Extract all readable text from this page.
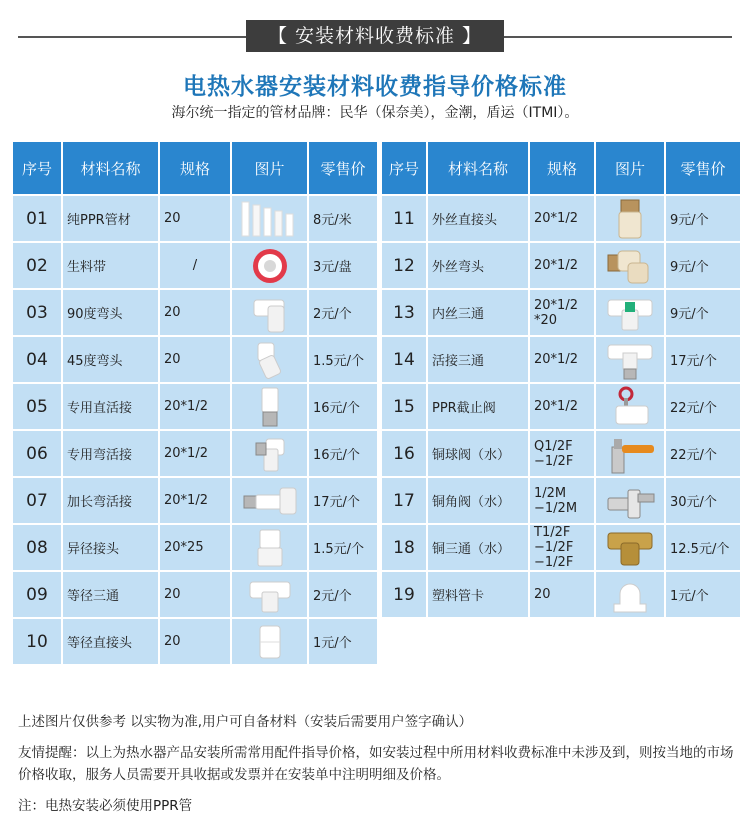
【 安装材料收费标准 】
电热水器安装材料收费指导价格标准
海尔统一指定的管材品牌：民华（保奈美），金潮，盾运（ITMI）。
序号	材料名称	规格	图片	零售价
01	纯PPR管材	20		8元/米
02	生料带	/		3元/盘
03	90度弯头	20		2元/个
04	45度弯头	20		1.5元/个
05	专用直活接	20*1/2		16元/个
06	专用弯活接	20*1/2		16元/个
07	加长弯活接	20*1/2		17元/个
08	异径接头	20*25		1.5元/个
09	等径三通	20		2元/个
10	等径直接头	20		1元/个
序号	材料名称	规格	图片	零售价
11	外丝直接头	20*1/2		9元/个
12	外丝弯头	20*1/2		9元/个
13	内丝三通	20*1/2 *20		9元/个
14	活接三通	20*1/2		17元/个
15	PPR截止阀	20*1/2		22元/个
16	铜球阀（水）	Q1/2F −1/2F		22元/个
17	铜角阀（水）	1/2M −1/2M		30元/个
18	铜三通（水）	T1/2F −1/2F −1/2F		12.5元/个
19	塑料管卡	20		1元/个
上述图片仅供参考 以实物为准,用户可自备材料（安装后需要用户签字确认）
友情提醒：以上为热水器产品安装所需常用配件指导价格，如安装过程中所用材料收费标准中未涉及到，则按当地的市场价格收取，服务人员需要开具收据或发票并在安装单中注明明细及价格。
注：电热安装必须使用PPR管
